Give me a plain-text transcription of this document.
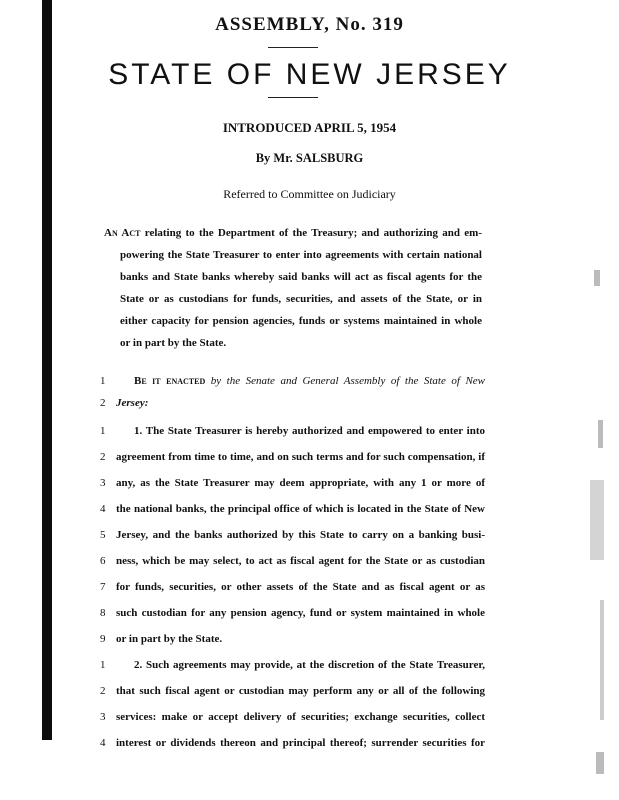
ASSEMBLY, No. 319
STATE OF NEW JERSEY
INTRODUCED APRIL 5, 1954
By Mr. SALSBURG
Referred to Committee on Judiciary
An Act relating to the Department of the Treasury; and authorizing and em-
powering the State Treasurer to enter into agreements with certain national
banks and State banks whereby said banks will act as fiscal agents for the
State or as custodians for funds, securities, and assets of the State, or in
either capacity for pension agencies, funds or systems maintained in whole
or in part by the State.
1	Be it enacted by the Senate and General Assembly of the State of New
2 Jersey:
1	1. The State Treasurer is hereby authorized and empowered to enter into
2 agreement from time to time, and on such terms and for such compensation, if
3 any, as the State Treasurer may deem appropriate, with any 1 or more of
4 the national banks, the principal office of which is located in the State of New
5 Jersey, and the banks authorized by this State to carry on a banking busi-
6 ness, which be may select, to act as fiscal agent for the State or as custodian
7 for funds, securities, or other assets of the State and as fiscal agent or as
8 such custodian for any pension agency, fund or system maintained in whole
9 or in part by the State.
1	2. Such agreements may provide, at the discretion of the State Treasurer,
2 that such fiscal agent or custodian may perform any or all of the following
3 services: make or accept delivery of securities; exchange securities, collect
4 interest or dividends thereon and principal thereof; surrender securities for
